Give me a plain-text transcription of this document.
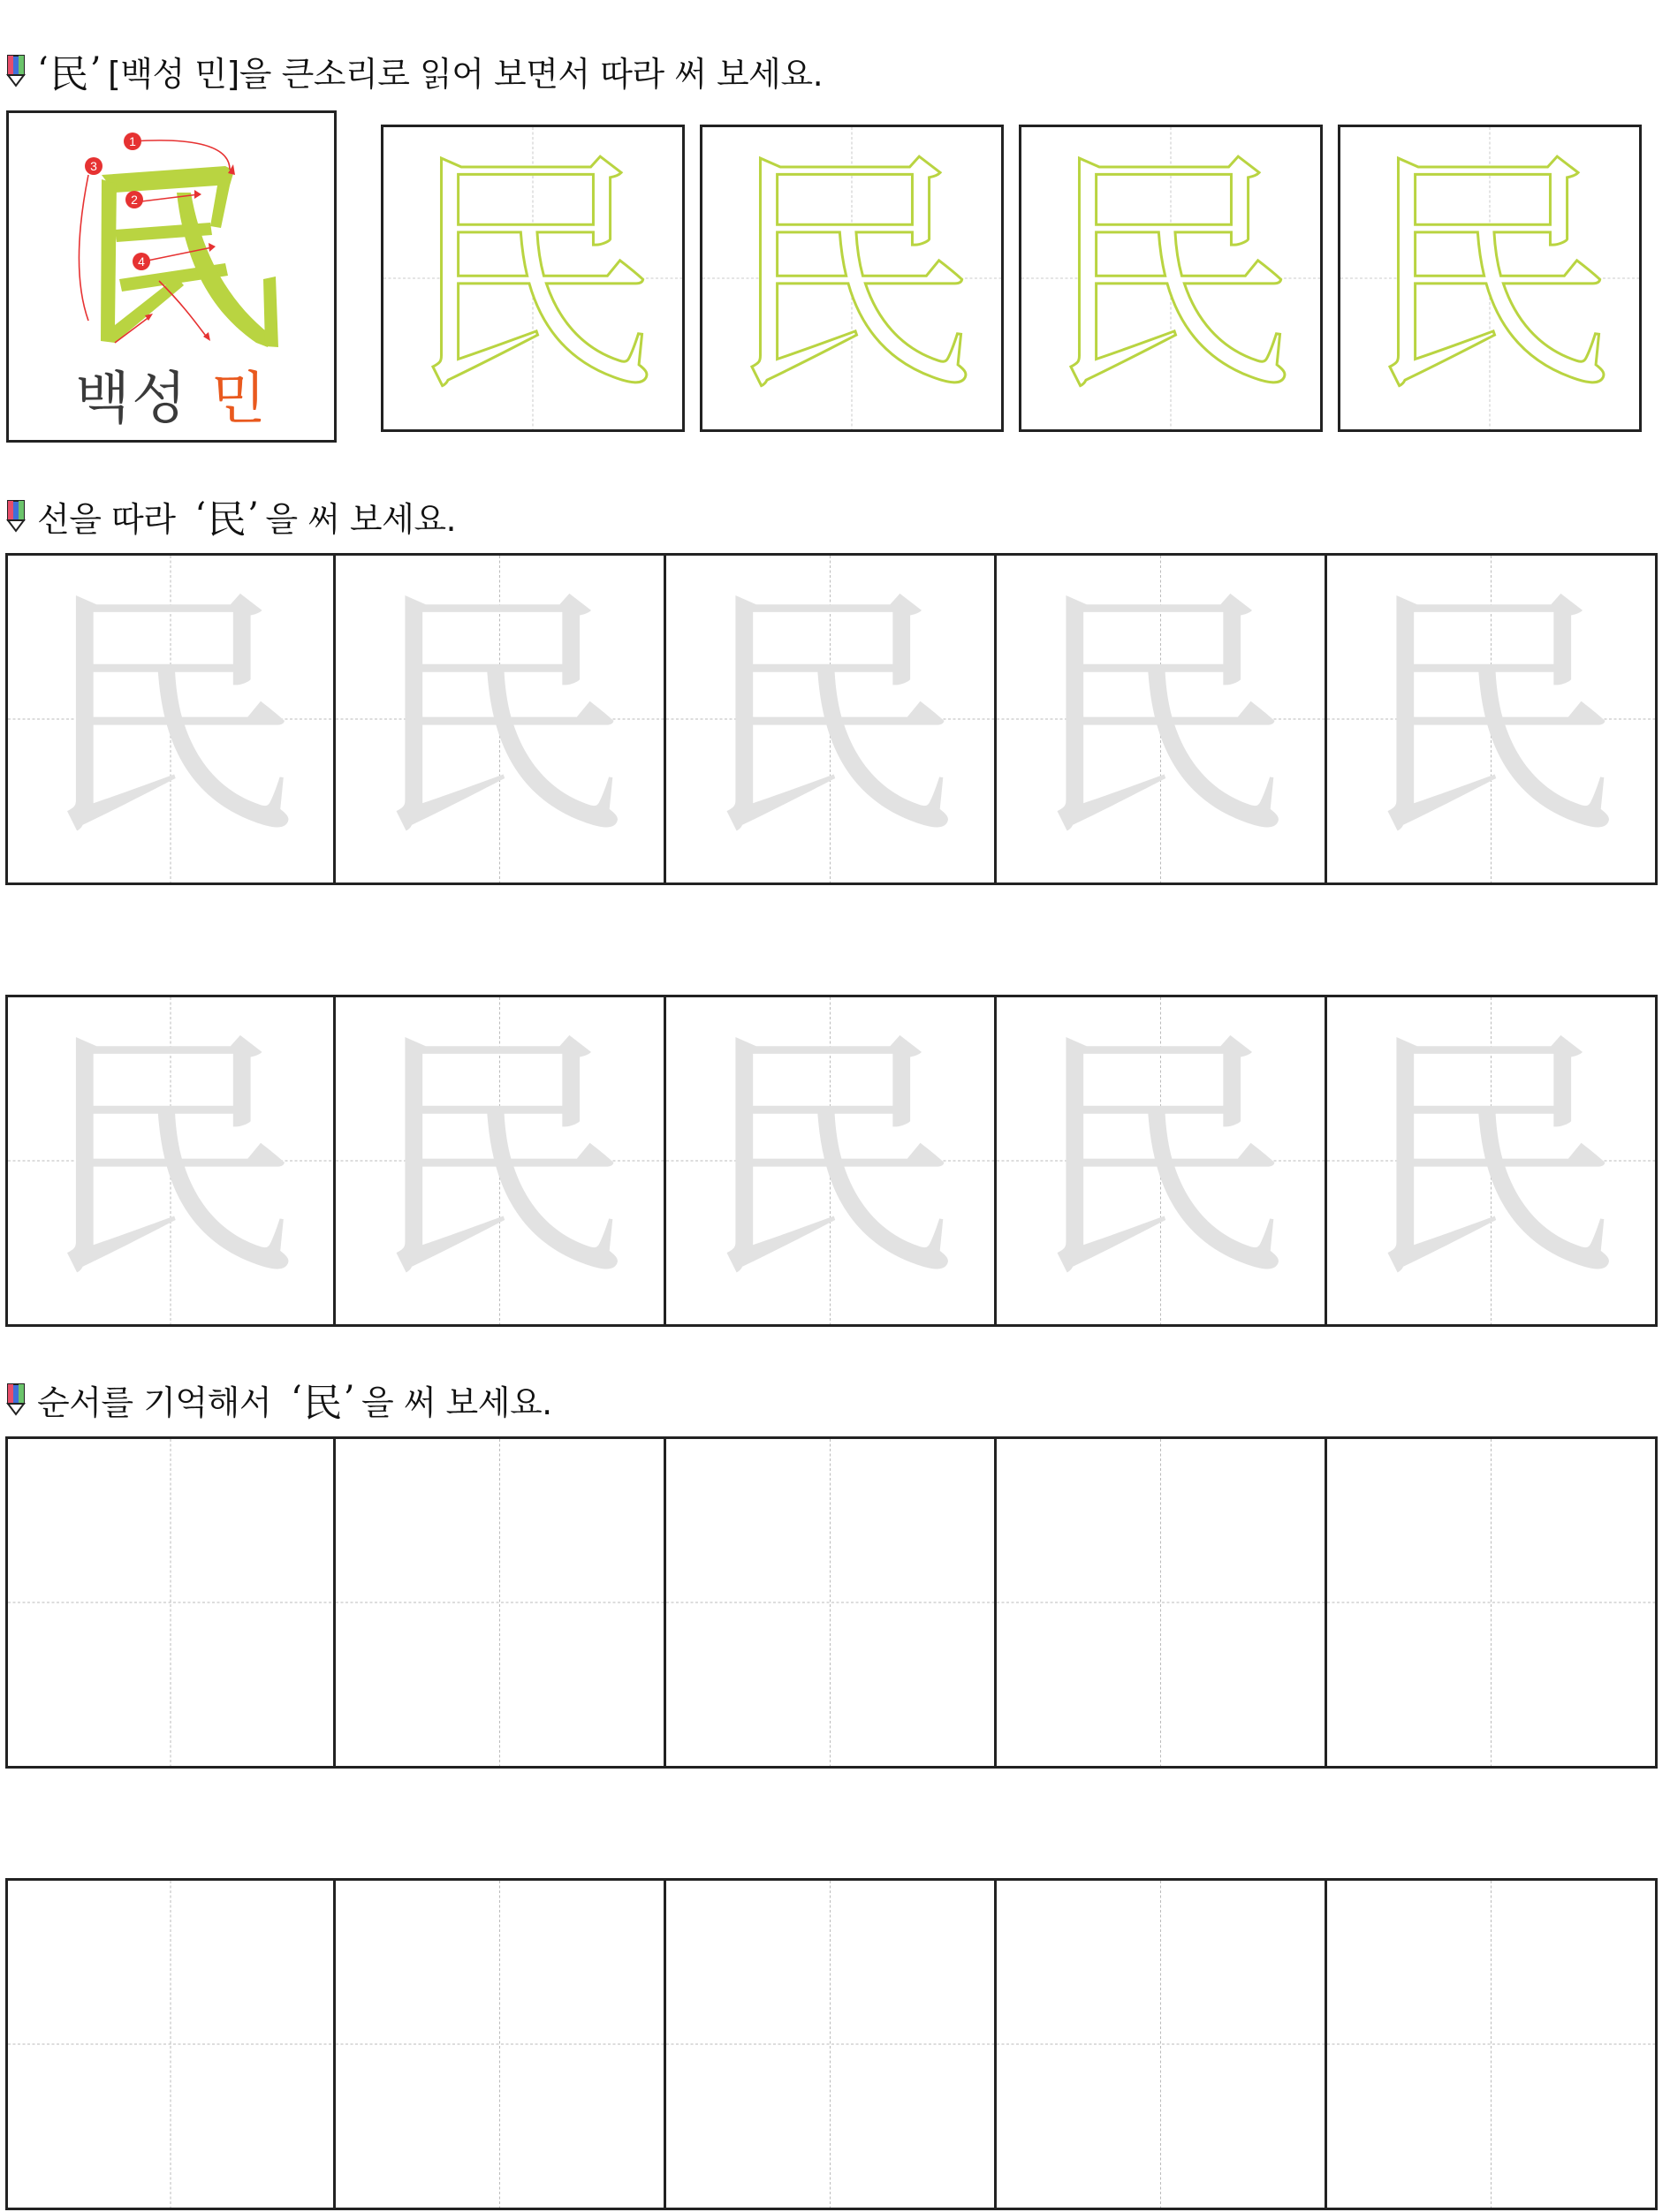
‘ 民 ’ [백성 민]을 큰소리로 읽어 보면서 따라 써 보세요.
1
2
3
4
백성 민 民 民 民 民
선을 따라 ‘ 民 ’ 을 써 보세요.
民 民 民 民 民
民 民 民 民 民
순서를 기억해서 ‘ 民 ’ 을 써 보세요.
